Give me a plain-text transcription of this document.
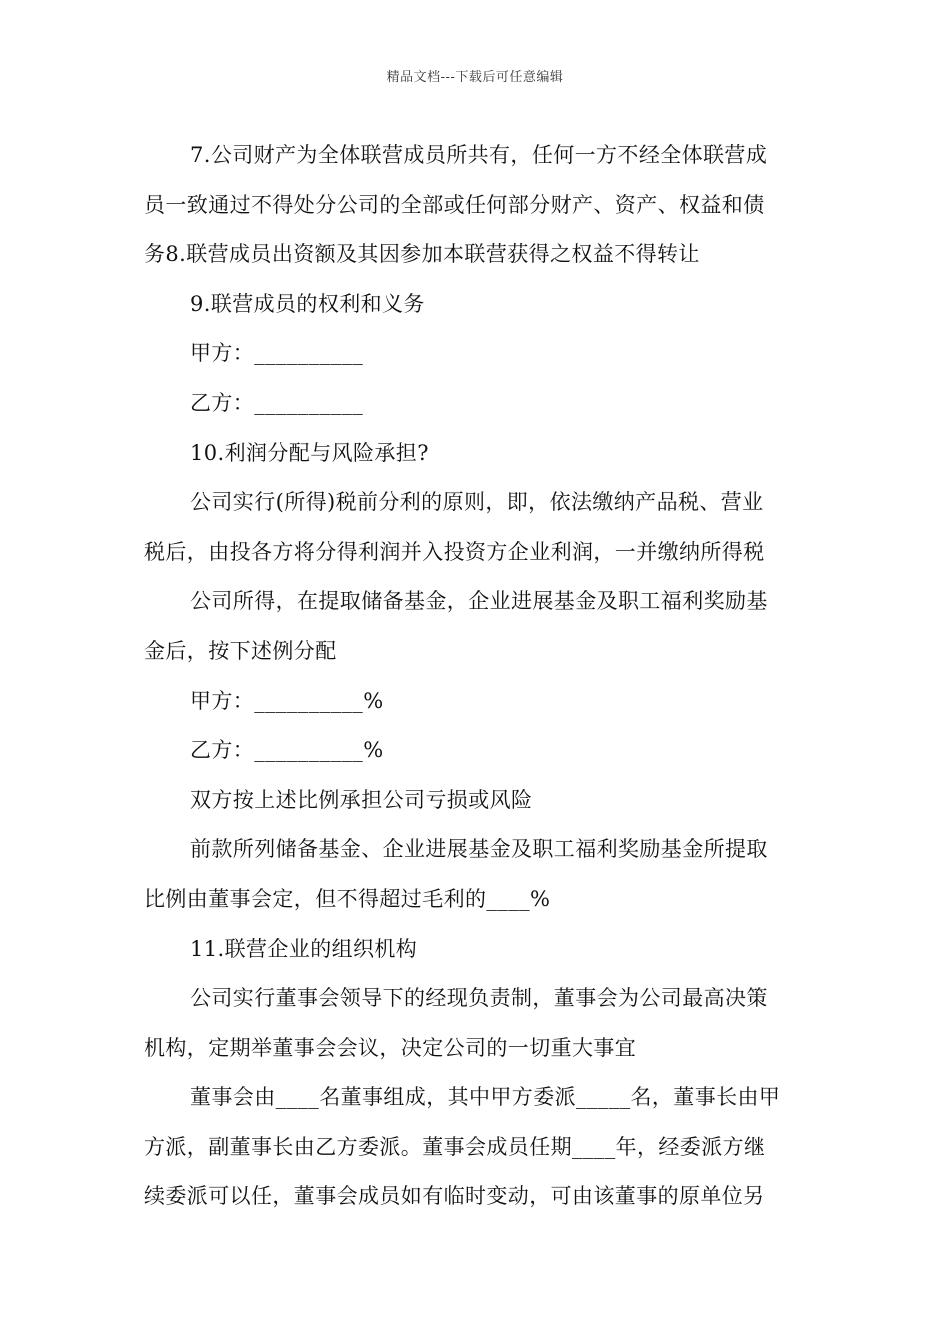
精品文档---下载后可任意编辑
7.公司财产为全体联营成员所共有，任何一方不经全体联营成
员一致通过不得处分公司的全部或任何部分财产、资产、权益和债
务8.联营成员出资额及其因参加本联营获得之权益不得转让
9.联营成员的权利和义务
甲方：__________
乙方：__________
10.利润分配与风险承担?
公司实行(所得)税前分利的原则，即，依法缴纳产品税、营业
税后，由投各方将分得利润并入投资方企业利润，一并缴纳所得税
公司所得，在提取储备基金，企业进展基金及职工福利奖励基
金后，按下述例分配
甲方：__________%
乙方：__________%
双方按上述比例承担公司亏损或风险
前款所列储备基金、企业进展基金及职工福利奖励基金所提取
比例由董事会定，但不得超过毛利的____%
11.联营企业的组织机构
公司实行董事会领导下的经现负责制，董事会为公司最高决策
机构，定期举董事会会议，决定公司的一切重大事宜
董事会由____名董事组成，其中甲方委派_____名，董事长由甲
方派，副董事长由乙方委派。董事会成员任期____年，经委派方继
续委派可以任，董事会成员如有临时变动，可由该董事的原单位另
